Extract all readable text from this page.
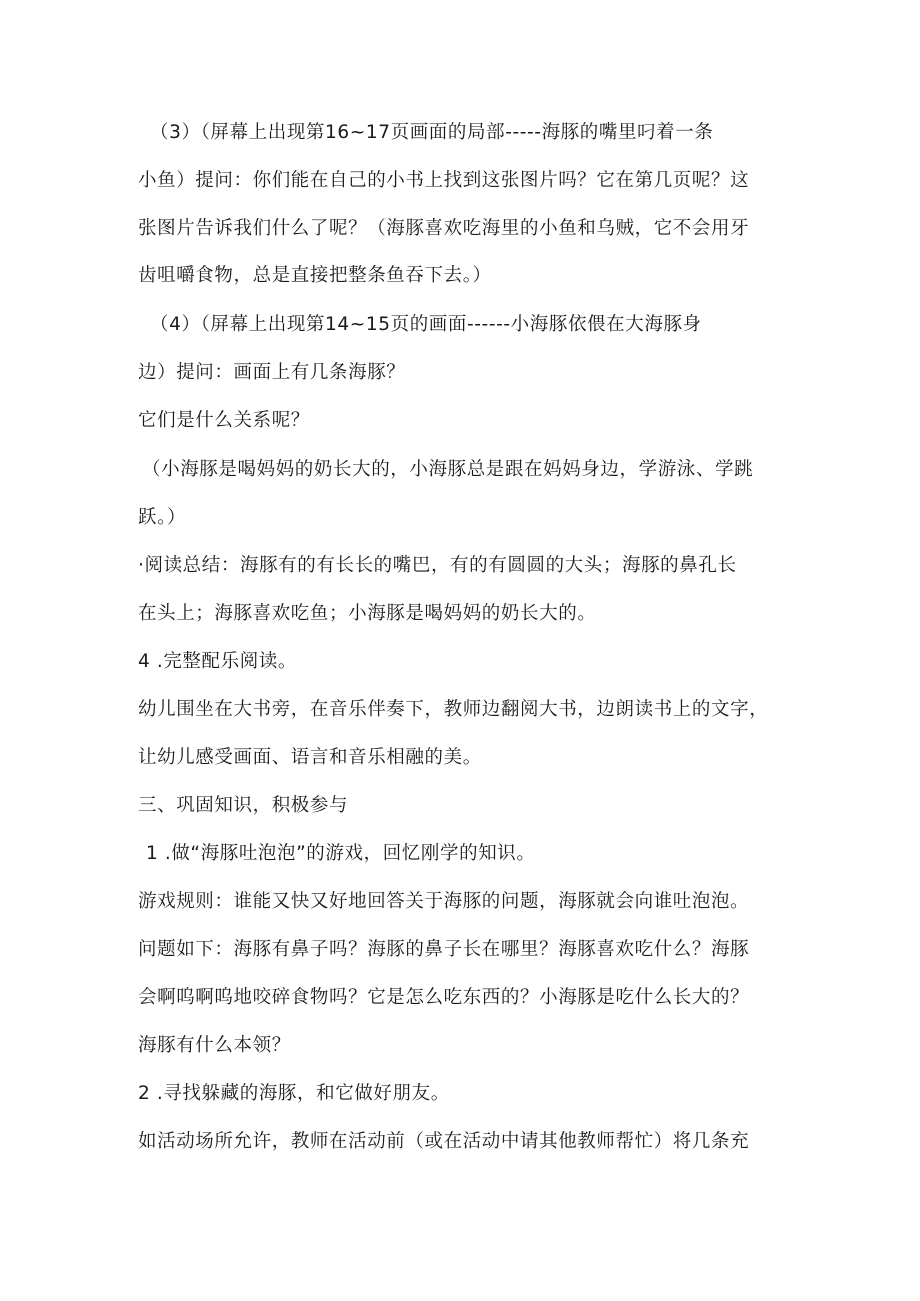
（3）（屏幕上出现第16~17页画面的局部-----海豚的嘴里叼着一条
小鱼）提问：你们能在自己的小书上找到这张图片吗？它在第几页呢？这
张图片告诉我们什么了呢？（海豚喜欢吃海里的小鱼和乌贼，它不会用牙
齿咀嚼食物，总是直接把整条鱼吞下去。）
（4）（屏幕上出现第14~15页的画面------小海豚依偎在大海豚身
边）提问：画面上有几条海豚？
它们是什么关系呢？
（小海豚是喝妈妈的奶长大的，小海豚总是跟在妈妈身边，学游泳、学跳
跃。）
·阅读总结：海豚有的有长长的嘴巴，有的有圆圆的大头；海豚的鼻孔长
在头上；海豚喜欢吃鱼；小海豚是喝妈妈的奶长大的。
4 .完整配乐阅读。
幼儿围坐在大书旁，在音乐伴奏下，教师边翻阅大书，边朗读书上的文字，
让幼儿感受画面、语言和音乐相融的美。
三、巩固知识，积极参与
1 .做“海豚吐泡泡”的游戏，回忆刚学的知识。
游戏规则：谁能又快又好地回答关于海豚的问题，海豚就会向谁吐泡泡。
问题如下：海豚有鼻子吗？海豚的鼻子长在哪里？海豚喜欢吃什么？海豚
会啊呜啊呜地咬碎食物吗？它是怎么吃东西的？小海豚是吃什么长大的？
海豚有什么本领？
2 .寻找躲藏的海豚，和它做好朋友。
如活动场所允许，教师在活动前（或在活动中请其他教师帮忙）将几条充
